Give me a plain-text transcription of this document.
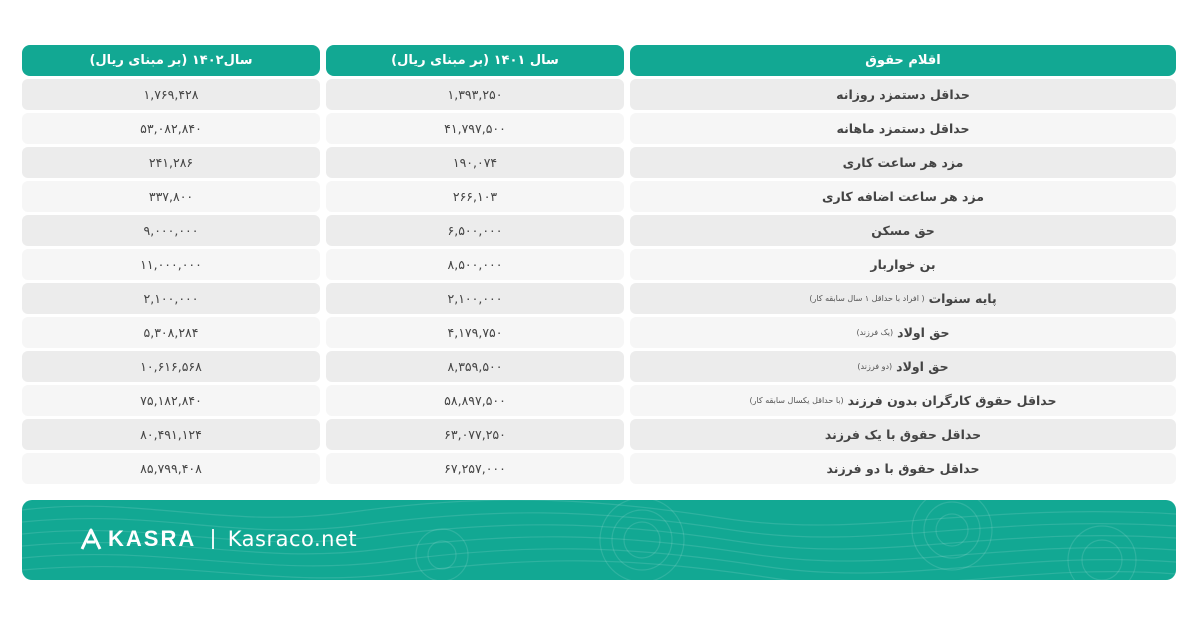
سال۱۴۰۲ (بر مبنای ریال)	سال ۱۴۰۱ (بر مبنای ریال)	اقلام حقوق
۱,۷۶۹,۴۲۸	۱,۳۹۳,۲۵۰	حداقل دستمزد روزانه
۵۳,۰۸۲,۸۴۰	۴۱,۷۹۷,۵۰۰	حداقل دستمزد ماهانه
۲۴۱,۲۸۶	۱۹۰,۰۷۴	مزد هر ساعت کاری
۳۳۷,۸۰۰	۲۶۶,۱۰۳	مزد هر ساعت اضافه کاری
۹,۰۰۰,۰۰۰	۶,۵۰۰,۰۰۰	حق مسکن
۱۱,۰۰۰,۰۰۰	۸,۵۰۰,۰۰۰	بن خواربار
۲,۱۰۰,۰۰۰	۲,۱۰۰,۰۰۰	پایه سنوات
( افراد با حداقل ۱ سال سابقه کار)
۵,۳۰۸,۲۸۴	۴,۱۷۹,۷۵۰	حق اولاد
(یک فرزند)
۱۰,۶۱۶,۵۶۸	۸,۳۵۹,۵۰۰	حق اولاد
(دو فرزند)
۷۵,۱۸۲,۸۴۰	۵۸,۸۹۷,۵۰۰	حداقل حقوق کارگران بدون فرزند
(با حداقل یکسال سابقه کار)
۸۰,۴۹۱,۱۲۴	۶۳,۰۷۷,۲۵۰	حداقل حقوق با یک فرزند
۸۵,۷۹۹,۴۰۸	۶۷,۲۵۷,۰۰۰	حداقل حقوق با دو فرزند
KASRA Kasraco.net
